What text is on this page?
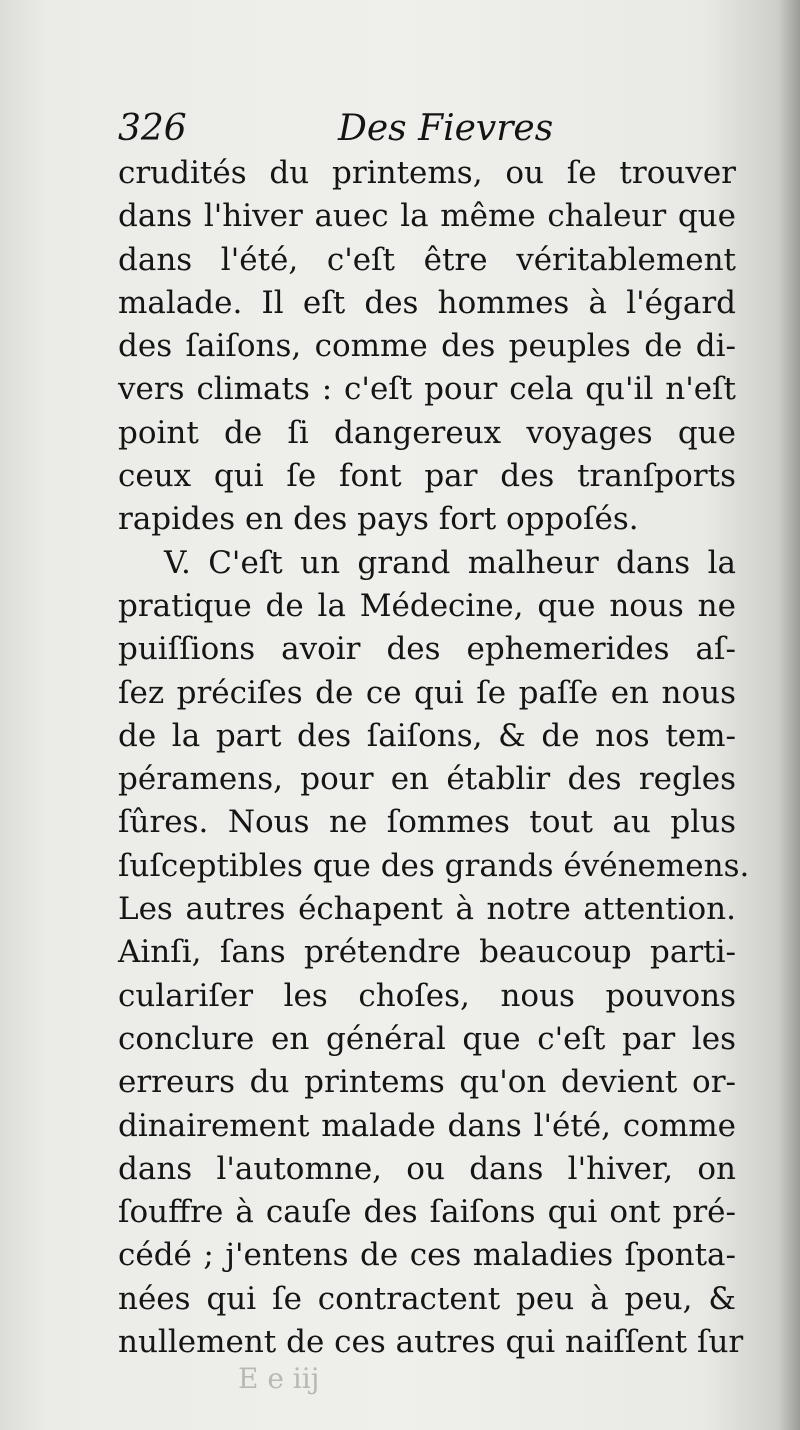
326	Des Fievres
crudités du printems, ou ſe trouver
dans l'hiver auec la même chaleur que
dans l'été, c'eſt être véritablement
malade. Il eſt des hommes à l'égard
des ſaiſons, comme des peuples de di-
vers climats : c'eſt pour cela qu'il n'eſt
point de ſi dangereux voyages que
ceux qui ſe font par des tranſports
rapides en des pays fort oppoſés.
V. C'eſt un grand malheur dans la
pratique de la Médecine, que nous ne
puiſſions avoir des ephemerides aſ-
ſez préciſes de ce qui ſe paſſe en nous
de la part des ſaiſons, & de nos tem-
péramens, pour en établir des regles
ſûres. Nous ne ſommes tout au plus
ſuſceptibles que des grands événemens.
Les autres échapent à notre attention.
Ainſi, ſans prétendre beaucoup parti-
culariſer les choſes, nous pouvons
conclure en général que c'eſt par les
erreurs du printems qu'on devient or-
dinairement malade dans l'été, comme
dans l'automne, ou dans l'hiver, on
ſouffre à cauſe des ſaiſons qui ont pré-
cédé ; j'entens de ces maladies ſponta-
nées qui ſe contractent peu à peu, &
nullement de ces autres qui naiſſent ſur
E e iij
